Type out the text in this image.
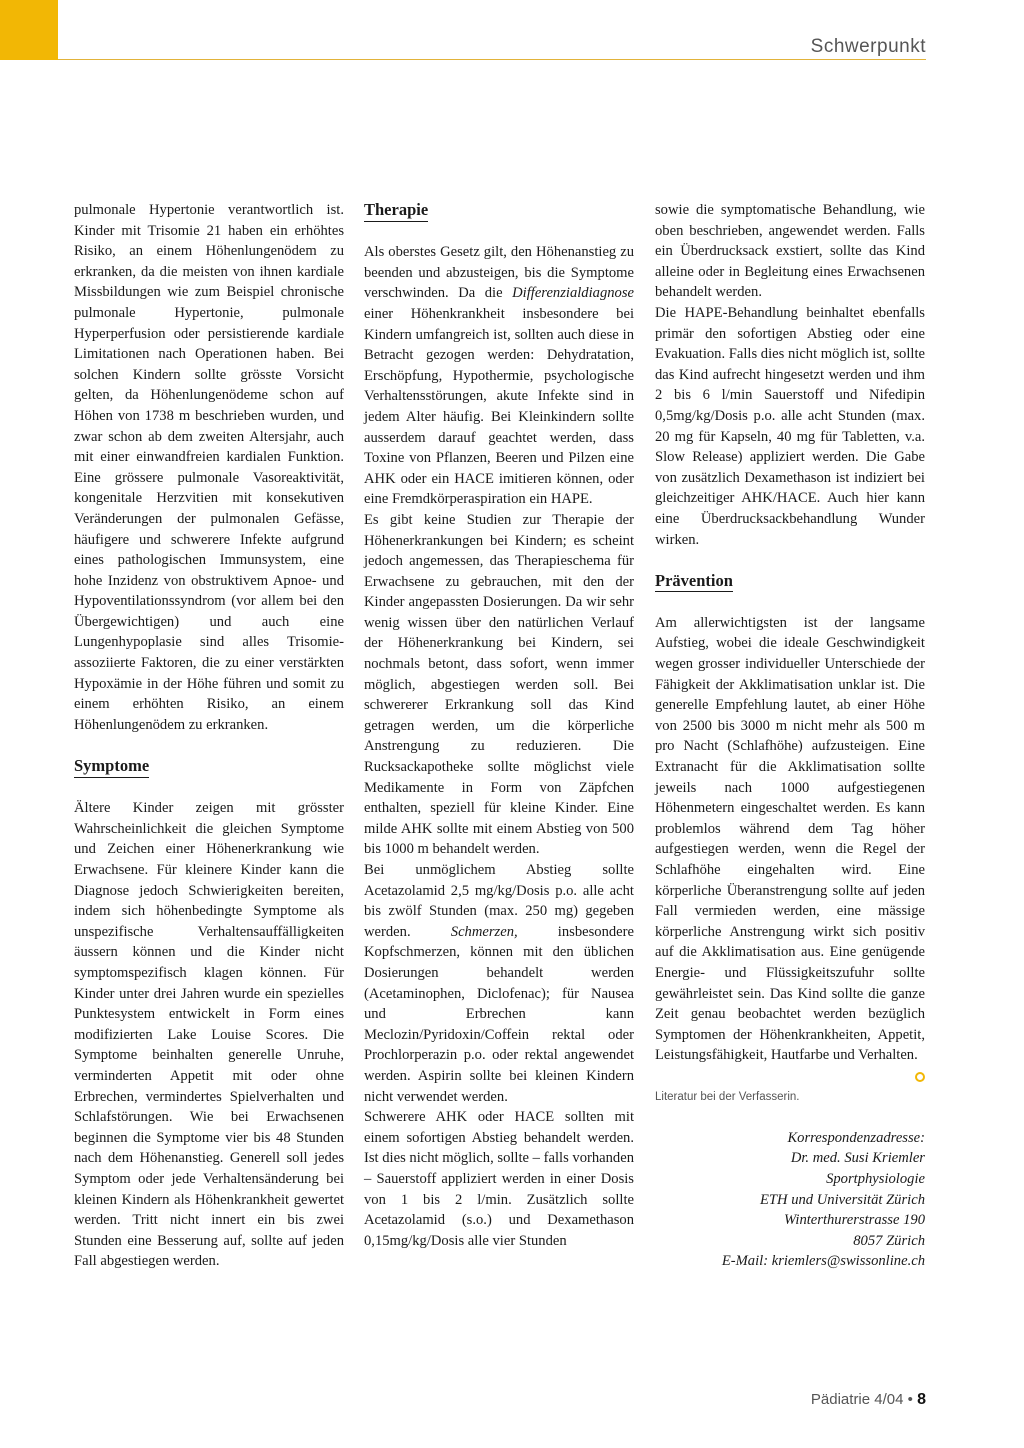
Schwerpunkt

pulmonale Hypertonie verantwortlich ist. Kinder mit Trisomie 21 haben ein erhöhtes Risiko, an einem Höhenlungenödem zu erkranken, da die meisten von ihnen kardiale Missbildungen wie zum Beispiel chronische pulmonale Hypertonie, pulmonale Hyperperfusion oder persistierende kardiale Limitationen nach Operationen haben. Bei solchen Kindern sollte grösste Vorsicht gelten, da Höhenlungenödeme schon auf Höhen von 1738 m beschrieben wurden, und zwar schon ab dem zweiten Altersjahr, auch mit einer einwandfreien kardialen Funktion. Eine grössere pulmonale Vasoreaktivität, kongenitale Herzvitien mit konsekutiven Veränderungen der pulmonalen Gefässe, häufigere und schwerere Infekte aufgrund eines pathologischen Immunsystem, eine hohe Inzidenz von obstruktivem Apnoe- und Hypoventilationssyndrom (vor allem bei den Übergewichtigen) und auch eine Lungenhypoplasie sind alles Trisomie-assoziierte Faktoren, die zu einer verstärkten Hypoxämie in der Höhe führen und somit zu einem erhöhten Risiko, an einem Höhenlungenödem zu erkranken.

Symptome

Ältere Kinder zeigen mit grösster Wahrscheinlichkeit die gleichen Symptome und Zeichen einer Höhenerkrankung wie Erwachsene. Für kleinere Kinder kann die Diagnose jedoch Schwierigkeiten bereiten, indem sich höhenbedingte Symptome als unspezifische Verhaltensauffälligkeiten äussern können und die Kinder nicht symptomspezifisch klagen können. Für Kinder unter drei Jahren wurde ein spezielles Punktesystem entwickelt in Form eines modifizierten Lake Louise Scores. Die Symptome beinhalten generelle Unruhe, verminderten Appetit mit oder ohne Erbrechen, vermindertes Spielverhalten und Schlafstörungen. Wie bei Erwachsenen beginnen die Symptome vier bis 48 Stunden nach dem Höhenanstieg. Generell soll jedes Symptom oder jede Verhaltensänderung bei kleinen Kindern als Höhenkrankheit gewertet werden. Tritt nicht innert ein bis zwei Stunden eine Besserung auf, sollte auf jeden Fall abgestiegen werden.

Therapie

Als oberstes Gesetz gilt, den Höhenanstieg zu beenden und abzusteigen, bis die Symptome verschwinden. Da die Differenzialdiagnose einer Höhenkrankheit insbesondere bei Kindern umfangreich ist, sollten auch diese in Betracht gezogen werden: Dehydratation, Erschöpfung, Hypothermie, psychologische Verhaltensstörungen, akute Infekte sind in jedem Alter häufig. Bei Kleinkindern sollte ausserdem darauf geachtet werden, dass Toxine von Pflanzen, Beeren und Pilzen eine AHK oder ein HACE imitieren können, oder eine Fremdkörperaspiration ein HAPE.

Es gibt keine Studien zur Therapie der Höhenerkrankungen bei Kindern; es scheint jedoch angemessen, das Therapieschema für Erwachsene zu gebrauchen, mit den der Kinder angepassten Dosierungen. Da wir sehr wenig wissen über den natürlichen Verlauf der Höhenerkrankung bei Kindern, sei nochmals betont, dass sofort, wenn immer möglich, abgestiegen werden soll. Bei schwererer Erkrankung soll das Kind getragen werden, um die körperliche Anstrengung zu reduzieren. Die Rucksackapotheke sollte möglichst viele Medikamente in Form von Zäpfchen enthalten, speziell für kleine Kinder. Eine milde AHK sollte mit einem Abstieg von 500 bis 1000 m behandelt werden.

Bei unmöglichem Abstieg sollte Acetazolamid 2,5 mg/kg/Dosis p.o. alle acht bis zwölf Stunden (max. 250 mg) gegeben werden. Schmerzen, insbesondere Kopfschmerzen, können mit den üblichen Dosierungen behandelt werden (Acetaminophen, Diclofenac); für Nausea und Erbrechen kann Meclozin/Pyridoxin/Coffein rektal oder Prochlorperazin p.o. oder rektal angewendet werden. Aspirin sollte bei kleinen Kindern nicht verwendet werden.

Schwerere AHK oder HACE sollten mit einem sofortigen Abstieg behandelt werden. Ist dies nicht möglich, sollte – falls vorhanden – Sauerstoff appliziert werden in einer Dosis von 1 bis 2 l/min. Zusätzlich sollte Acetazolamid (s.o.) und Dexamethason 0,15mg/kg/Dosis alle vier Stunden

sowie die symptomatische Behandlung, wie oben beschrieben, angewendet werden. Falls ein Überdrucksack exstiert, sollte das Kind alleine oder in Begleitung eines Erwachsenen behandelt werden.

Die HAPE-Behandlung beinhaltet ebenfalls primär den sofortigen Abstieg oder eine Evakuation. Falls dies nicht möglich ist, sollte das Kind aufrecht hingesetzt werden und ihm 2 bis 6 l/min Sauerstoff und Nifedipin 0,5mg/kg/Dosis p.o. alle acht Stunden (max. 20 mg für Kapseln, 40 mg für Tabletten, v.a. Slow Release) appliziert werden. Die Gabe von zusätzlich Dexamethason ist indiziert bei gleichzeitiger AHK/HACE. Auch hier kann eine Überdrucksackbehandlung Wunder wirken.

Prävention

Am allerwichtigsten ist der langsame Aufstieg, wobei die ideale Geschwindigkeit wegen grosser individueller Unterschiede der Fähigkeit der Akklimatisation unklar ist. Die generelle Empfehlung lautet, ab einer Höhe von 2500 bis 3000 m nicht mehr als 500 m pro Nacht (Schlafhöhe) aufzusteigen. Eine Extranacht für die Akklimatisation sollte jeweils nach 1000 aufgestiegenen Höhenmetern eingeschaltet werden. Es kann problemlos während dem Tag höher aufgestiegen werden, wenn die Regel der Schlafhöhe eingehalten wird. Eine körperliche Überanstrengung sollte auf jeden Fall vermieden werden, eine mässige körperliche Anstrengung wirkt sich positiv auf die Akklimatisation aus. Eine genügende Energie- und Flüssigkeitszufuhr sollte gewährleistet sein. Das Kind sollte die ganze Zeit genau beobachtet werden bezüglich Symptomen der Höhenkrankheiten, Appetit, Leistungsfähigkeit, Hautfarbe und Verhalten.

Literatur bei der Verfasserin.

Korrespondenzadresse:

Dr. med. Susi Kriemler

Sportphysiologie

ETH und Universität Zürich

Winterthurerstrasse 190

8057 Zürich

E-Mail: kriemlers@swissonline.ch

Pädiatrie 4/04 • 8
